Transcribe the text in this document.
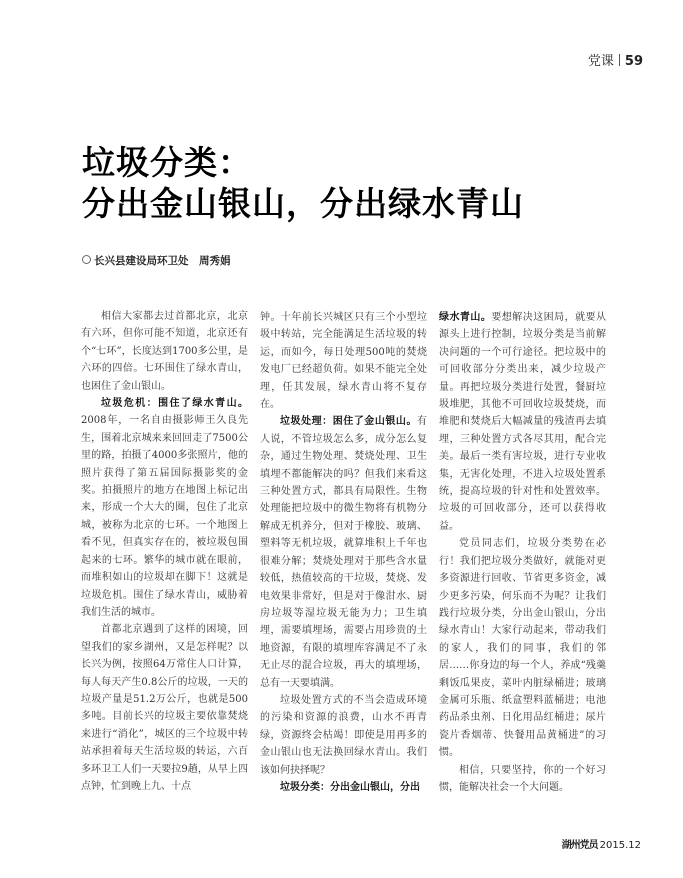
党课 59
垃圾分类：
分出金山银山，分出绿水青山
长兴县建设局环卫处　周秀娟

相信大家都去过首都北京，北京有六环，但你可能不知道，北京还有个“七环”，长度达到1700多公里，是六环的四倍。七环围住了绿水青山，也困住了金山银山。

垃圾危机：围住了绿水青山。2008年，一名自由摄影师王久良先生，围着北京城来来回回走了7500公里的路，拍摄了4000多张照片，他的照片获得了第五届国际摄影奖的金奖。拍摄照片的地方在地图上标记出来，形成一个大大的圈，包住了北京城，被称为北京的七环。一个地图上看不见，但真实存在的，被垃圾包围起来的七环。繁华的城市就在眼前，而堆积如山的垃圾却在脚下！这就是垃圾危机。围住了绿水青山，威胁着我们生活的城市。

首都北京遇到了这样的困境，回望我们的家乡湖州，又是怎样呢？以长兴为例，按照64万常住人口计算，每人每天产生0.8公斤的垃圾，一天的垃圾产量是51.2万公斤，也就是500多吨。目前长兴的垃圾主要依靠焚烧来进行“消化”，城区的三个垃圾中转站承担着每天生活垃圾的转运，六百多环卫工人们一天要拉9趟，从早上四点钟，忙到晚上九、十点

钟。十年前长兴城区只有三个小型垃圾中转站，完全能满足生活垃圾的转运，而如今，每日处理500吨的焚烧发电厂已经超负荷。如果不能完全处理，任其发展，绿水青山将不复存在。

垃圾处理：困住了金山银山。有人说，不管垃圾怎么多，成分怎么复杂，通过生物处理、焚烧处理、卫生填埋不都能解决的吗？但我们来看这三种处置方式，都具有局限性。生物处理能把垃圾中的微生物将有机物分解成无机养分，但对于橡胶、玻璃、塑料等无机垃圾，就算堆积上千年也很难分解；焚烧处理对于那些含水量较低，热值较高的干垃圾，焚烧、发电效果非常好，但是对于像泔水、厨房垃圾等湿垃圾无能为力；卫生填埋，需要填埋场，需要占用珍贵的土地资源，有限的填埋库容满足不了永无止尽的混合垃圾，再大的填埋场，总有一天要填满。

垃圾处置方式的不当会造成环境的污染和资源的浪费，山水不再青绿，资源终会枯竭！即使是用再多的金山银山也无法换回绿水青山。我们该如何抉择呢？

垃圾分类：分出金山银山，分出

绿水青山。要想解决这困局，就要从源头上进行控制，垃圾分类是当前解决问题的一个可行途径。把垃圾中的可回收部分分类出来，减少垃圾产量。再把垃圾分类进行处置，餐厨垃圾堆肥，其他不可回收垃圾焚烧，而堆肥和焚烧后大幅减量的残渣再去填埋，三种处置方式各尽其用，配合完美。最后一类有害垃圾，进行专业收集，无害化处理，不进入垃圾处置系统，提高垃圾的针对性和处置效率。垃圾的可回收部分，还可以获得收益。

党员同志们，垃圾分类势在必行！我们把垃圾分类做好，就能对更多资源进行回收、节省更多资金，减少更多污染，何乐而不为呢？让我们践行垃圾分类，分出金山银山，分出绿水青山！大家行动起来，带动我们的家人，我们的同事，我们的邻居……你身边的每一个人，养成“残羹剩饭瓜果皮，菜叶内脏绿桶进；玻璃金属可乐瓶、纸盒塑料蓝桶进；电池药品杀虫剂、日化用品红桶进；尿片瓷片香烟蒂、快餐用品黄桶进”的习惯。

相信，只要坚持，你的一个好习惯，能解决社会一个大问题。

湖州党员 2015.12
